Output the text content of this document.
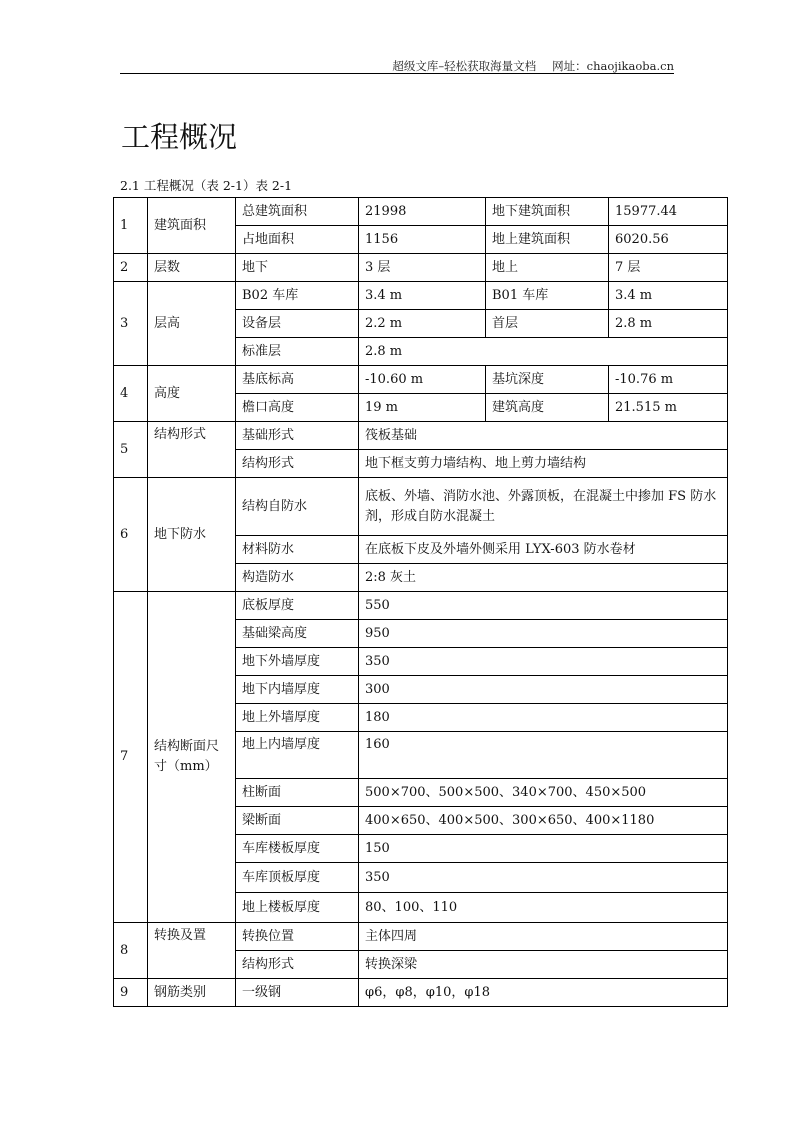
超级文库–轻松获取海量文档 网址：chaojikaoba.cn
工程概况
2.1 工程概况（表 2-1）表 2-1
1	建筑面积	总建筑面积	21998	地下建筑面积	15977.44
		占地面积	1156	地上建筑面积	6020.56
2	层数	地下	3 层	地上	7 层
3	层高	B02 车库	3.4 m	B01 车库	3.4 m
		设备层	2.2 m	首层	2.8 m
		标准层	2.8 m		
4	高度	基底标高	-10.60 m	基坑深度	-10.76 m
		檐口高度	19 m	建筑高度	21.515 m
5	结构形式	基础形式	筏板基础		
		结构形式	地下框支剪力墙结构、地上剪力墙结构		
6	地下防水	结构自防水	底板、外墙、消防水池、外露顶板，在混凝土中掺加 FS 防水剂，形成自防水混凝土		
		材料防水	在底板下皮及外墙外侧采用 LYX-603 防水卷材		
		构造防水	2:8 灰土		
7	结构断面尺寸（mm）	底板厚度	550		
		基础梁高度	950		
		地下外墙厚度	350		
		地下内墙厚度	300		
		地上外墙厚度	180		
		地上内墙厚度	160		
		柱断面	500×700、500×500、340×700、450×500		
		梁断面	400×650、400×500、300×650、400×1180		
		车库楼板厚度	150		
		车库顶板厚度	350		
		地上楼板厚度	80、100、110		
8	转换及置	转换位置	主体四周		
		结构形式	转换深梁		
9	钢筋类别	一级钢	φ6，φ8，φ10，φ18		
